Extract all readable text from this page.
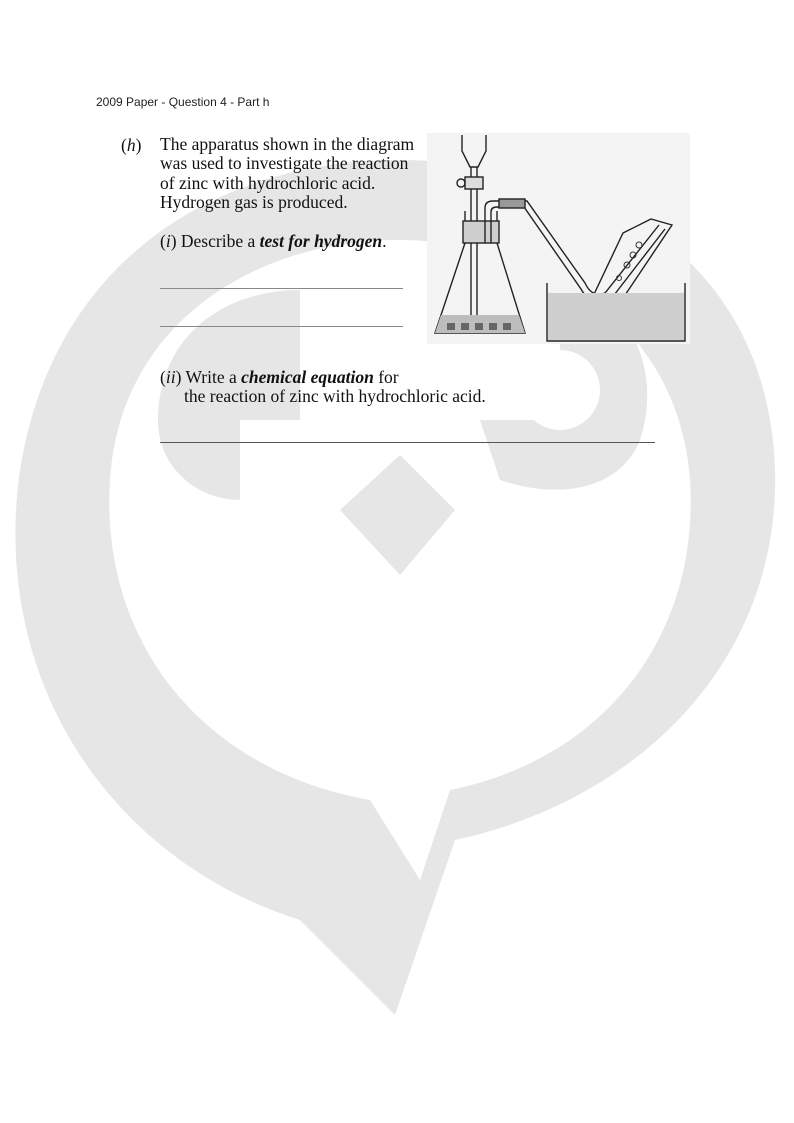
2009 Paper - Question 4 - Part h
(h) The apparatus shown in the diagram
was used to investigate the reaction
of zinc with hydrochloric acid.
Hydrogen gas is produced.
(i) Describe a test for hydrogen.
(ii) Write a chemical equation for
the reaction of zinc with hydrochloric acid.
